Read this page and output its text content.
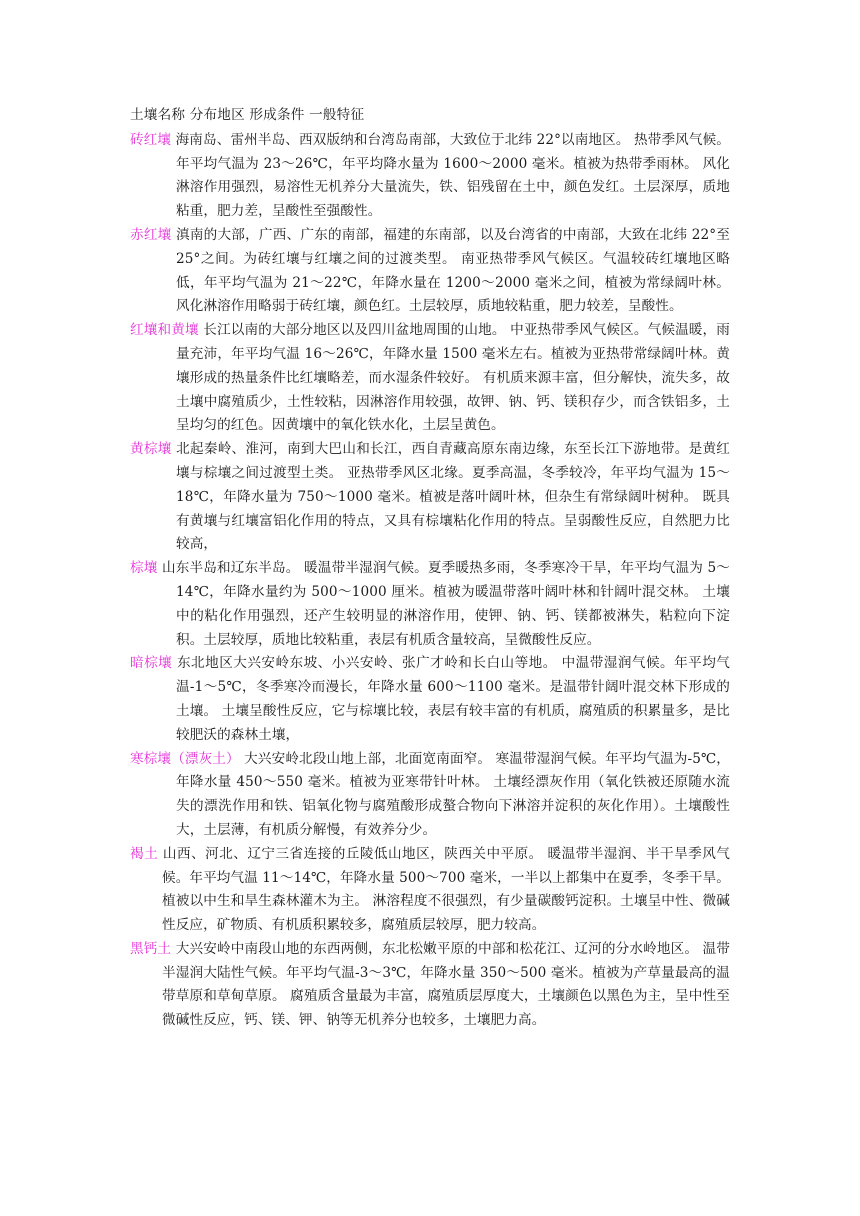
土壤名称 分布地区 形成条件 一般特征

砖红壤 海南岛、雷州半岛、西双版纳和台湾岛南部，大致位于北纬 22°以南地区。 热带季风气候。年平均气温为 23～26℃，年平均降水量为 1600～2000 毫米。植被为热带季雨林。 风化淋溶作用强烈，易溶性无机养分大量流失，铁、铝残留在土中，颜色发红。土层深厚，质地粘重，肥力差，呈酸性至强酸性。

赤红壤 滇南的大部，广西、广东的南部，福建的东南部，以及台湾省的中南部，大致在北纬 22°至 25°之间。为砖红壤与红壤之间的过渡类型。 南亚热带季风气候区。气温较砖红壤地区略低，年平均气温为 21～22℃，年降水量在 1200～2000 毫米之间，植被为常绿阔叶林。 风化淋溶作用略弱于砖红壤，颜色红。土层较厚，质地较粘重，肥力较差，呈酸性。

红壤和黄壤 长江以南的大部分地区以及四川盆地周围的山地。 中亚热带季风气候区。气候温暖，雨量充沛，年平均气温 16～26℃，年降水量 1500 毫米左右。植被为亚热带常绿阔叶林。黄壤形成的热量条件比红壤略差，而水湿条件较好。 有机质来源丰富，但分解快，流失多，故土壤中腐殖质少，土性较粘，因淋溶作用较强，故钾、钠、钙、镁积存少，而含铁铝多，土呈均匀的红色。因黄壤中的氧化铁水化，土层呈黄色。

黄棕壤 北起秦岭、淮河，南到大巴山和长江，西自青藏高原东南边缘，东至长江下游地带。是黄红壤与棕壤之间过渡型土类。 亚热带季风区北缘。夏季高温，冬季较冷，年平均气温为 15～18℃，年降水量为 750～1000 毫米。植被是落叶阔叶林，但杂生有常绿阔叶树种。 既具有黄壤与红壤富铝化作用的特点，又具有棕壤粘化作用的特点。呈弱酸性反应，自然肥力比较高，

棕壤 山东半岛和辽东半岛。 暖温带半湿润气候。夏季暖热多雨，冬季寒冷干旱，年平均气温为 5～14℃，年降水量约为 500～1000 厘米。植被为暖温带落叶阔叶林和针阔叶混交林。 土壤中的粘化作用强烈，还产生较明显的淋溶作用，使钾、钠、钙、镁都被淋失，粘粒向下淀积。土层较厚，质地比较粘重，表层有机质含量较高，呈微酸性反应。

暗棕壤 东北地区大兴安岭东坡、小兴安岭、张广才岭和长白山等地。 中温带湿润气候。年平均气温-1～5℃，冬季寒冷而漫长，年降水量 600～1100 毫米。是温带针阔叶混交林下形成的土壤。 土壤呈酸性反应，它与棕壤比较，表层有较丰富的有机质，腐殖质的积累量多，是比较肥沃的森林土壤，

寒棕壤（漂灰土） 大兴安岭北段山地上部，北面宽南面窄。 寒温带湿润气候。年平均气温为-5℃，年降水量 450～550 毫米。植被为亚寒带针叶林。 土壤经漂灰作用（氧化铁被还原随水流失的漂洗作用和铁、铝氧化物与腐殖酸形成螯合物向下淋溶并淀积的灰化作用）。土壤酸性大，土层薄，有机质分解慢，有效养分少。

褐土 山西、河北、辽宁三省连接的丘陵低山地区，陕西关中平原。 暖温带半湿润、半干旱季风气候。年平均气温 11～14℃，年降水量 500～700 毫米，一半以上都集中在夏季，冬季干旱。植被以中生和旱生森林灌木为主。 淋溶程度不很强烈，有少量碳酸钙淀积。土壤呈中性、微碱性反应，矿物质、有机质积累较多，腐殖质层较厚，肥力较高。

黑钙土 大兴安岭中南段山地的东西两侧，东北松嫩平原的中部和松花江、辽河的分水岭地区。 温带半湿润大陆性气候。年平均气温-3～3℃，年降水量 350～500 毫米。植被为产草量最高的温带草原和草甸草原。 腐殖质含量最为丰富，腐殖质层厚度大，土壤颜色以黑色为主，呈中性至微碱性反应，钙、镁、钾、钠等无机养分也较多，土壤肥力高。
